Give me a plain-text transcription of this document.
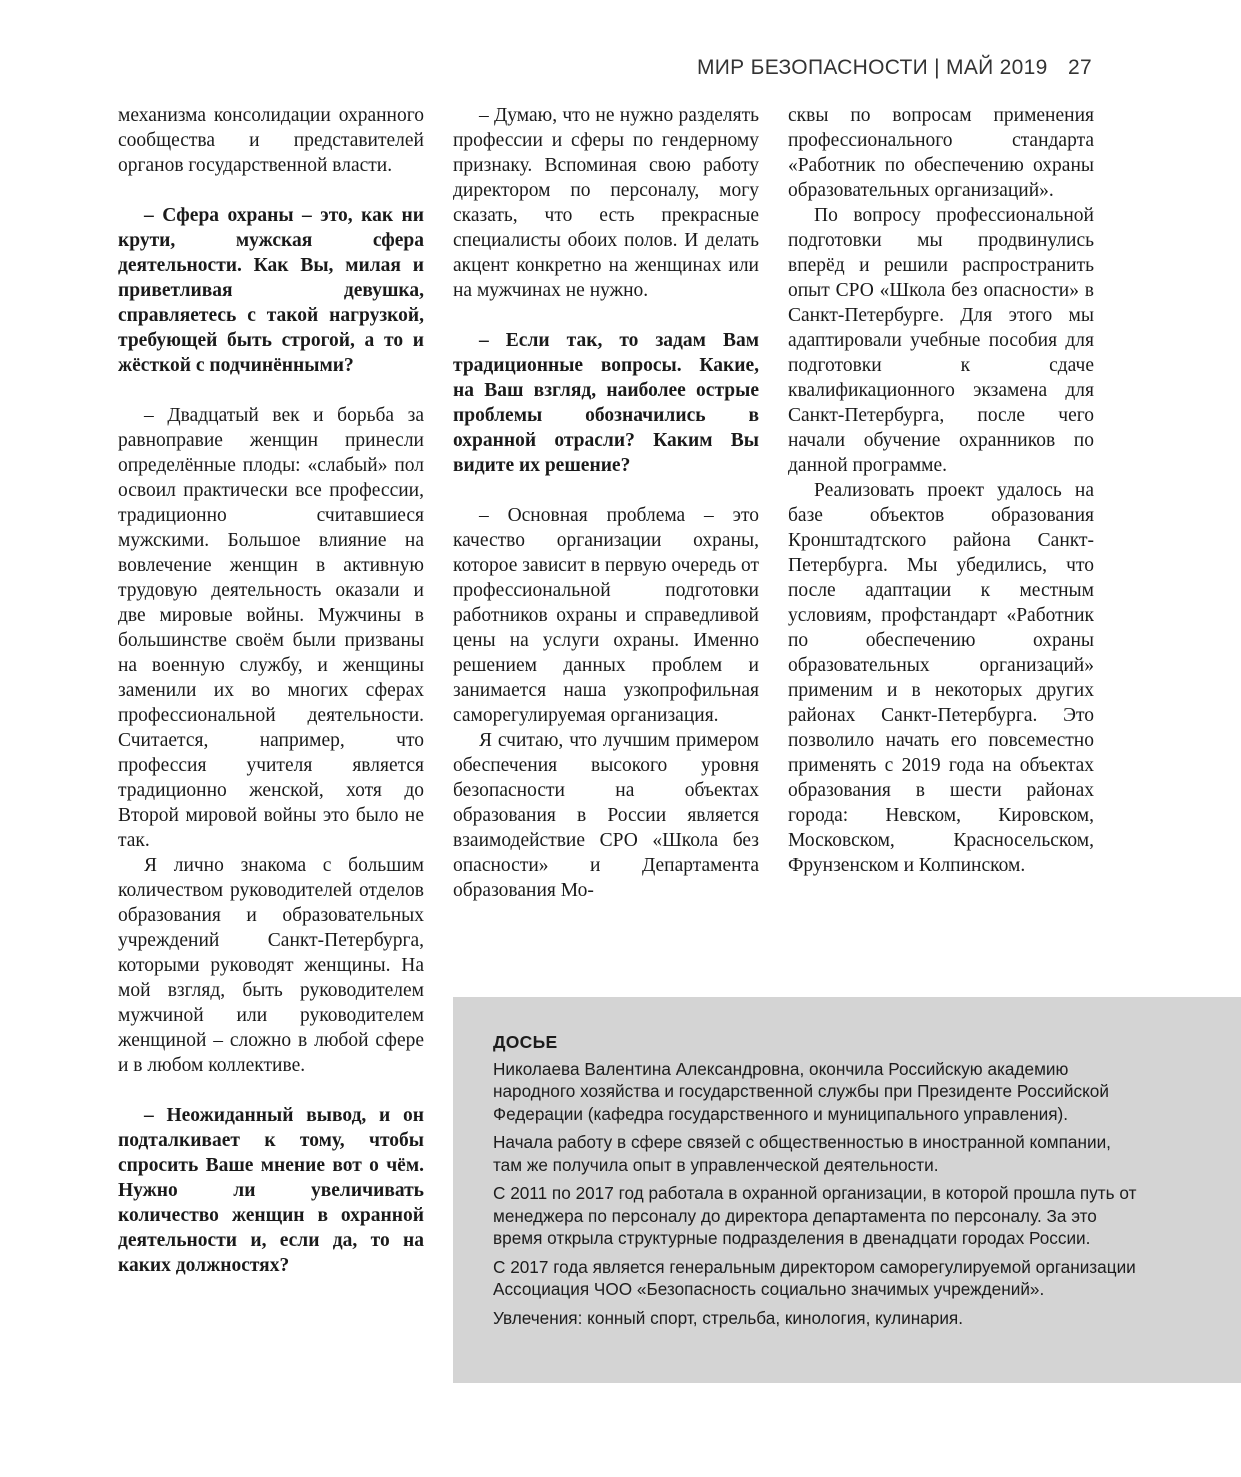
МИР БЕЗОПАСНОСТИ | МАЙ 2019 27

механизма консолидации охранного сообщества и представителей органов государственной власти.

– Сфера охраны – это, как ни крути, мужская сфера деятельности. Как Вы, милая и приветливая девушка, справляетесь с такой нагрузкой, требующей быть строгой, а то и жёсткой с подчинёнными?

– Двадцатый век и борьба за равноправие женщин принесли определённые плоды: «слабый» пол освоил практически все профессии, традиционно считавшиеся мужскими. Большое влияние на вовлечение женщин в активную трудовую деятельность оказали и две мировые войны. Мужчины в большинстве своём были призваны на военную службу, и женщины заменили их во многих сферах профессиональной деятельности. Считается, например, что профессия учителя является традиционно женской, хотя до Второй мировой войны это было не так.

Я лично знакома с большим количеством руководителей отделов образования и образовательных учреждений Санкт-Петербурга, которыми руководят женщины. На мой взгляд, быть руководителем мужчиной или руководителем женщиной – сложно в любой сфере и в любом коллективе.

– Неожиданный вывод, и он подталкивает к тому, чтобы спросить Ваше мнение вот о чём. Нужно ли увеличивать количество женщин в охранной деятельности и, если да, то на каких должностях?

– Думаю, что не нужно разделять профессии и сферы по гендерному признаку. Вспоминая свою работу директором по персоналу, могу сказать, что есть прекрасные специалисты обоих полов. И делать акцент конкретно на женщинах или на мужчинах не нужно.

– Если так, то задам Вам традиционные вопросы. Какие, на Ваш взгляд, наиболее острые проблемы обозначились в охранной отрасли? Каким Вы видите их решение?

– Основная проблема – это качество организации охраны, которое зависит в первую очередь от профессиональной подготовки работников охраны и справедливой цены на услуги охраны. Именно решением данных проблем и занимается наша узкопрофильная саморегулируемая организация.

Я считаю, что лучшим примером обеспечения высокого уровня безопасности на объектах образования в России является взаимодействие СРО «Школа без опасности» и Департамента образования Мо-

сквы по вопросам применения профессионального стандарта «Работник по обеспечению охраны образовательных организаций».

По вопросу профессиональной подготовки мы продвинулись вперёд и решили распространить опыт СРО «Школа без опасности» в Санкт-Петербурге. Для этого мы адаптировали учебные пособия для подготовки к сдаче квалификационного экзамена для Санкт-Петербурга, после чего начали обучение охранников по данной программе.

Реализовать проект удалось на базе объектов образования Кронштадтского района Санкт-Петербурга. Мы убедились, что после адаптации к местным условиям, профстандарт «Работник по обеспечению охраны образовательных организаций» применим и в некоторых других районах Санкт-Петербурга. Это позволило начать его повсеместно применять с 2019 года на объектах образования в шести районах города: Невском, Кировском, Московском, Красносельском, Фрунзенском и Колпинском.

ДОСЬЕ

Николаева Валентина Александровна, окончила Российскую академию народного хозяйства и государственной службы при Президенте Российской Федерации (кафедра государственного и муниципального управления).

Начала работу в сфере связей с общественностью в иностранной компании, там же получила опыт в управленческой деятельности.

С 2011 по 2017 год работала в охранной организации, в которой прошла путь от менеджера по персоналу до директора департамента по персоналу. За это время открыла структурные подразделения в двенадцати городах России.

С 2017 года является генеральным директором саморегулируемой организации Ассоциация ЧОО «Безопасность социально значимых учреждений».

Увлечения: конный спорт, стрельба, кинология, кулинария.
